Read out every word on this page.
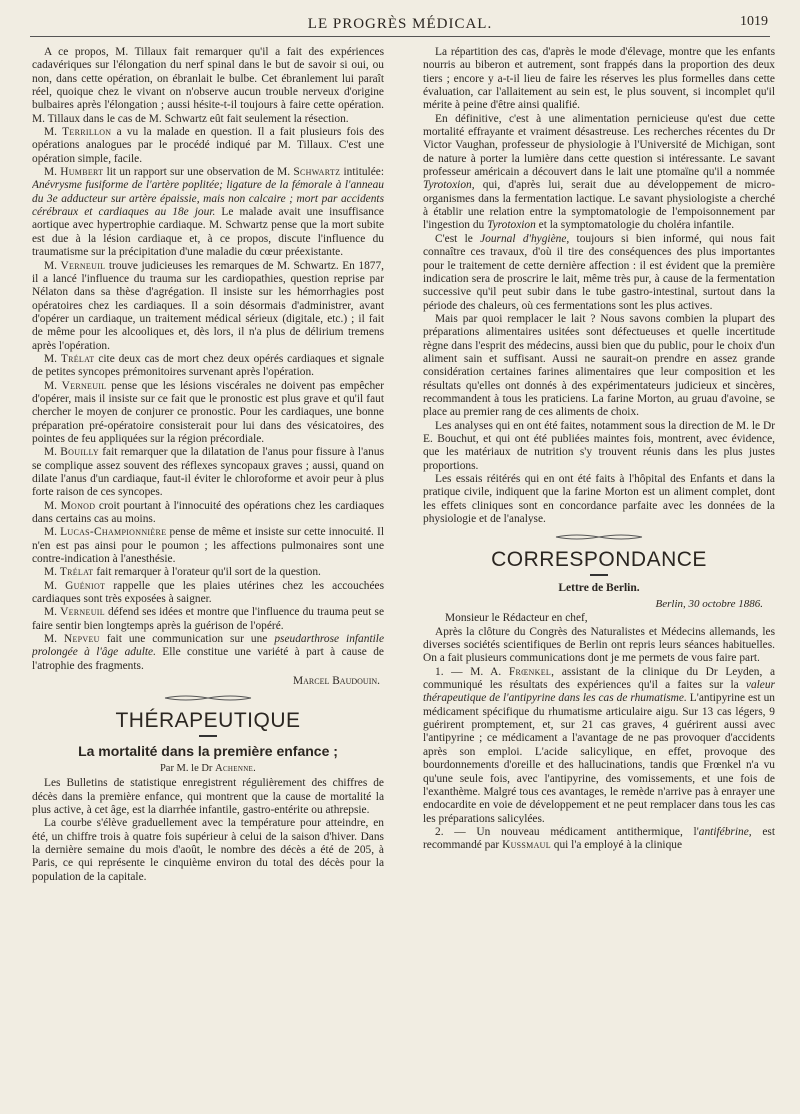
LE PROGRÈS MÉDICAL.	1019

A ce propos, M. Tillaux fait remarquer qu'il a fait des expériences cadavériques sur l'élongation du nerf spinal dans le but de savoir si oui, ou non, dans cette opération, on ébranlait le bulbe. Cet ébranlement lui paraît réel, quoique chez le vivant on n'observe aucun trouble nerveux d'origine bulbaires après l'élongation ; aussi hésite-t-il toujours à faire cette opération. M. Tillaux dans le cas de M. Schwartz eût fait seulement la résection.

M. Terrillon a vu la malade en question. Il a fait plusieurs fois des opérations analogues par le procédé indiqué par M. Tillaux. C'est une opération simple, facile.

M. Humbert lit un rapport sur une observation de M. Schwartz intitulée: Anévrysme fusiforme de l'artère poplitée; ligature de la fémorale à l'anneau du 3e adducteur sur artère épaissie, mais non calcaire ; mort par accidents cérébraux et cardiaques au 18e jour. Le malade avait une insuffisance aortique avec hypertrophie cardiaque. M. Schwartz pense que la mort subite est due à la lésion cardiaque et, à ce propos, discute l'influence du traumatisme sur la précipitation d'une maladie du cœur préexistante.

M. Verneuil trouve judicieuses les remarques de M. Schwartz. En 1877, il a lancé l'influence du trauma sur les cardiopathies, question reprise par Nélaton dans sa thèse d'agrégation. Il insiste sur les hémorrhagies post opératoires chez les cardiaques. Il a soin désormais d'administrer, avant d'opérer un cardiaque, un traitement médical sérieux (digitale, etc.) ; il fait de même pour les alcooliques et, dès lors, il n'a plus de délirium tremens après l'opération.

M. Trélat cite deux cas de mort chez deux opérés cardiaques et signale de petites syncopes prémonitoires survenant après l'opération.

M. Verneuil pense que les lésions viscérales ne doivent pas empêcher d'opérer, mais il insiste sur ce fait que le pronostic est plus grave et qu'il faut chercher le moyen de conjurer ce pronostic. Pour les cardiaques, une bonne préparation pré-opératoire consisterait pour lui dans des vésicatoires, des pointes de feu appliquées sur la région précordiale.

M. Bouilly fait remarquer que la dilatation de l'anus pour fissure à l'anus se complique assez souvent des réflexes syncopaux graves ; aussi, quand on dilate l'anus d'un cardiaque, faut-il éviter le chloroforme et avoir peur à plus forte raison de ces syncopes.

M. Monod croit pourtant à l'innocuité des opérations chez les cardiaques dans certains cas au moins.

M. Lucas-Championnière pense de même et insiste sur cette innocuité. Il n'en est pas ainsi pour le poumon ; les affections pulmonaires sont une contre-indication à l'anesthésie.

M. Trélat fait remarquer à l'orateur qu'il sort de la question.

M. Guéniot rappelle que les plaies utérines chez les accouchées cardiaques sont très exposées à saigner.

M. Verneuil défend ses idées et montre que l'influence du trauma peut se faire sentir bien longtemps après la guérison de l'opéré.

M. Nepveu fait une communication sur une pseudarthrose infantile prolongée à l'âge adulte. Elle constitue une variété à part à cause de l'atrophie des fragments.

Marcel Baudouin.
THÉRAPEUTIQUE
La mortalité dans la première enfance ;
Par M. le Dr Achenne.

Les Bulletins de statistique enregistrent régulièrement des chiffres de décès dans la première enfance, qui montrent que la cause de mortalité la plus active, à cet âge, est la diarrhée infantile, gastro-entérite ou athrepsie.

La courbe s'élève graduellement avec la température pour atteindre, en été, un chiffre trois à quatre fois supérieur à celui de la saison d'hiver. Dans la dernière semaine du mois d'août, le nombre des décès a été de 205, à Paris, ce qui représente le cinquième environ du total des décès pour la population de la capitale.

La répartition des cas, d'après le mode d'élevage, montre que les enfants nourris au biberon et autrement, sont frappés dans la proportion des deux tiers ; encore y a-t-il lieu de faire les réserves les plus formelles dans cette évaluation, car l'allaitement au sein est, le plus souvent, si incomplet qu'il mérite à peine d'être ainsi qualifié.

En définitive, c'est à une alimentation pernicieuse qu'est due cette mortalité effrayante et vraiment désastreuse. Les recherches récentes du Dr Victor Vaughan, professeur de physiologie à l'Université de Michigan, sont de nature à porter la lumière dans cette question si intéressante. Le savant professeur américain a découvert dans le lait une ptomaïne qu'il a nommée Tyrotoxion, qui, d'après lui, serait due au développement de micro-organismes dans la fermentation lactique. Le savant physiologiste a cherché à établir une relation entre la symptomatologie de l'empoisonnement par l'ingestion du Tyrotoxion et la symptomatologie du choléra infantile.

C'est le Journal d'hygiène, toujours si bien informé, qui nous fait connaître ces travaux, d'où il tire des conséquences des plus importantes pour le traitement de cette dernière affection : il est évident que la première indication sera de proscrire le lait, même très pur, à cause de la fermentation successive qu'il peut subir dans le tube gastro-intestinal, surtout dans la période des chaleurs, où ces fermentations sont les plus actives.

Mais par quoi remplacer le lait ? Nous savons combien la plupart des préparations alimentaires usitées sont défectueuses et quelle incertitude règne dans l'esprit des médecins, aussi bien que du public, pour le choix d'un aliment sain et suffisant. Aussi ne saurait-on prendre en assez grande considération certaines farines alimentaires que leur composition et les résultats qu'elles ont donnés à des expérimentateurs judicieux et sincères, recommandent à tous les praticiens. La farine Morton, au gruau d'avoine, se place au premier rang de ces aliments de choix.

Les analyses qui en ont été faites, notamment sous la direction de M. le Dr E. Bouchut, et qui ont été publiées maintes fois, montrent, avec évidence, que les matériaux de nutrition s'y trouvent réunis dans les plus justes proportions.

Les essais réitérés qui en ont été faits à l'hôpital des Enfants et dans la pratique civile, indiquent que la farine Morton est un aliment complet, dont les effets cliniques sont en concordance parfaite avec les données de la physiologie et de l'analyse.

CORRESPONDANCE
Lettre de Berlin.
Berlin, 30 octobre 1886.
Monsieur le Rédacteur en chef,

Après la clôture du Congrès des Naturalistes et Médecins allemands, les diverses sociétés scientifiques de Berlin ont repris leurs séances habituelles. On a fait plusieurs communications dont je me permets de vous faire part.

1. — M. A. Frœnkel, assistant de la clinique du Dr Leyden, a communiqué les résultats des expériences qu'il a faites sur la valeur thérapeutique de l'antipyrine dans les cas de rhumatisme. L'antipyrine est un médicament spécifique du rhumatisme articulaire aigu. Sur 13 cas légers, 9 guérirent promptement, et, sur 21 cas graves, 4 guérirent aussi avec l'antipyrine ; ce médicament a l'avantage de ne pas provoquer d'accidents après son emploi. L'acide salicylique, en effet, provoque des bourdonnements d'oreille et des hallucinations, tandis que Frœnkel n'a vu qu'une seule fois, avec l'antipyrine, des vomissements, et une fois de l'exanthème. Malgré tous ces avantages, le remède n'arrive pas à enrayer une endocardite en voie de développement et ne peut remplacer dans tous les cas les préparations salicylées.

2. — Un nouveau médicament antithermique, l'antifébrine, est recommandé par Kussmaul qui l'a employé à la clinique
